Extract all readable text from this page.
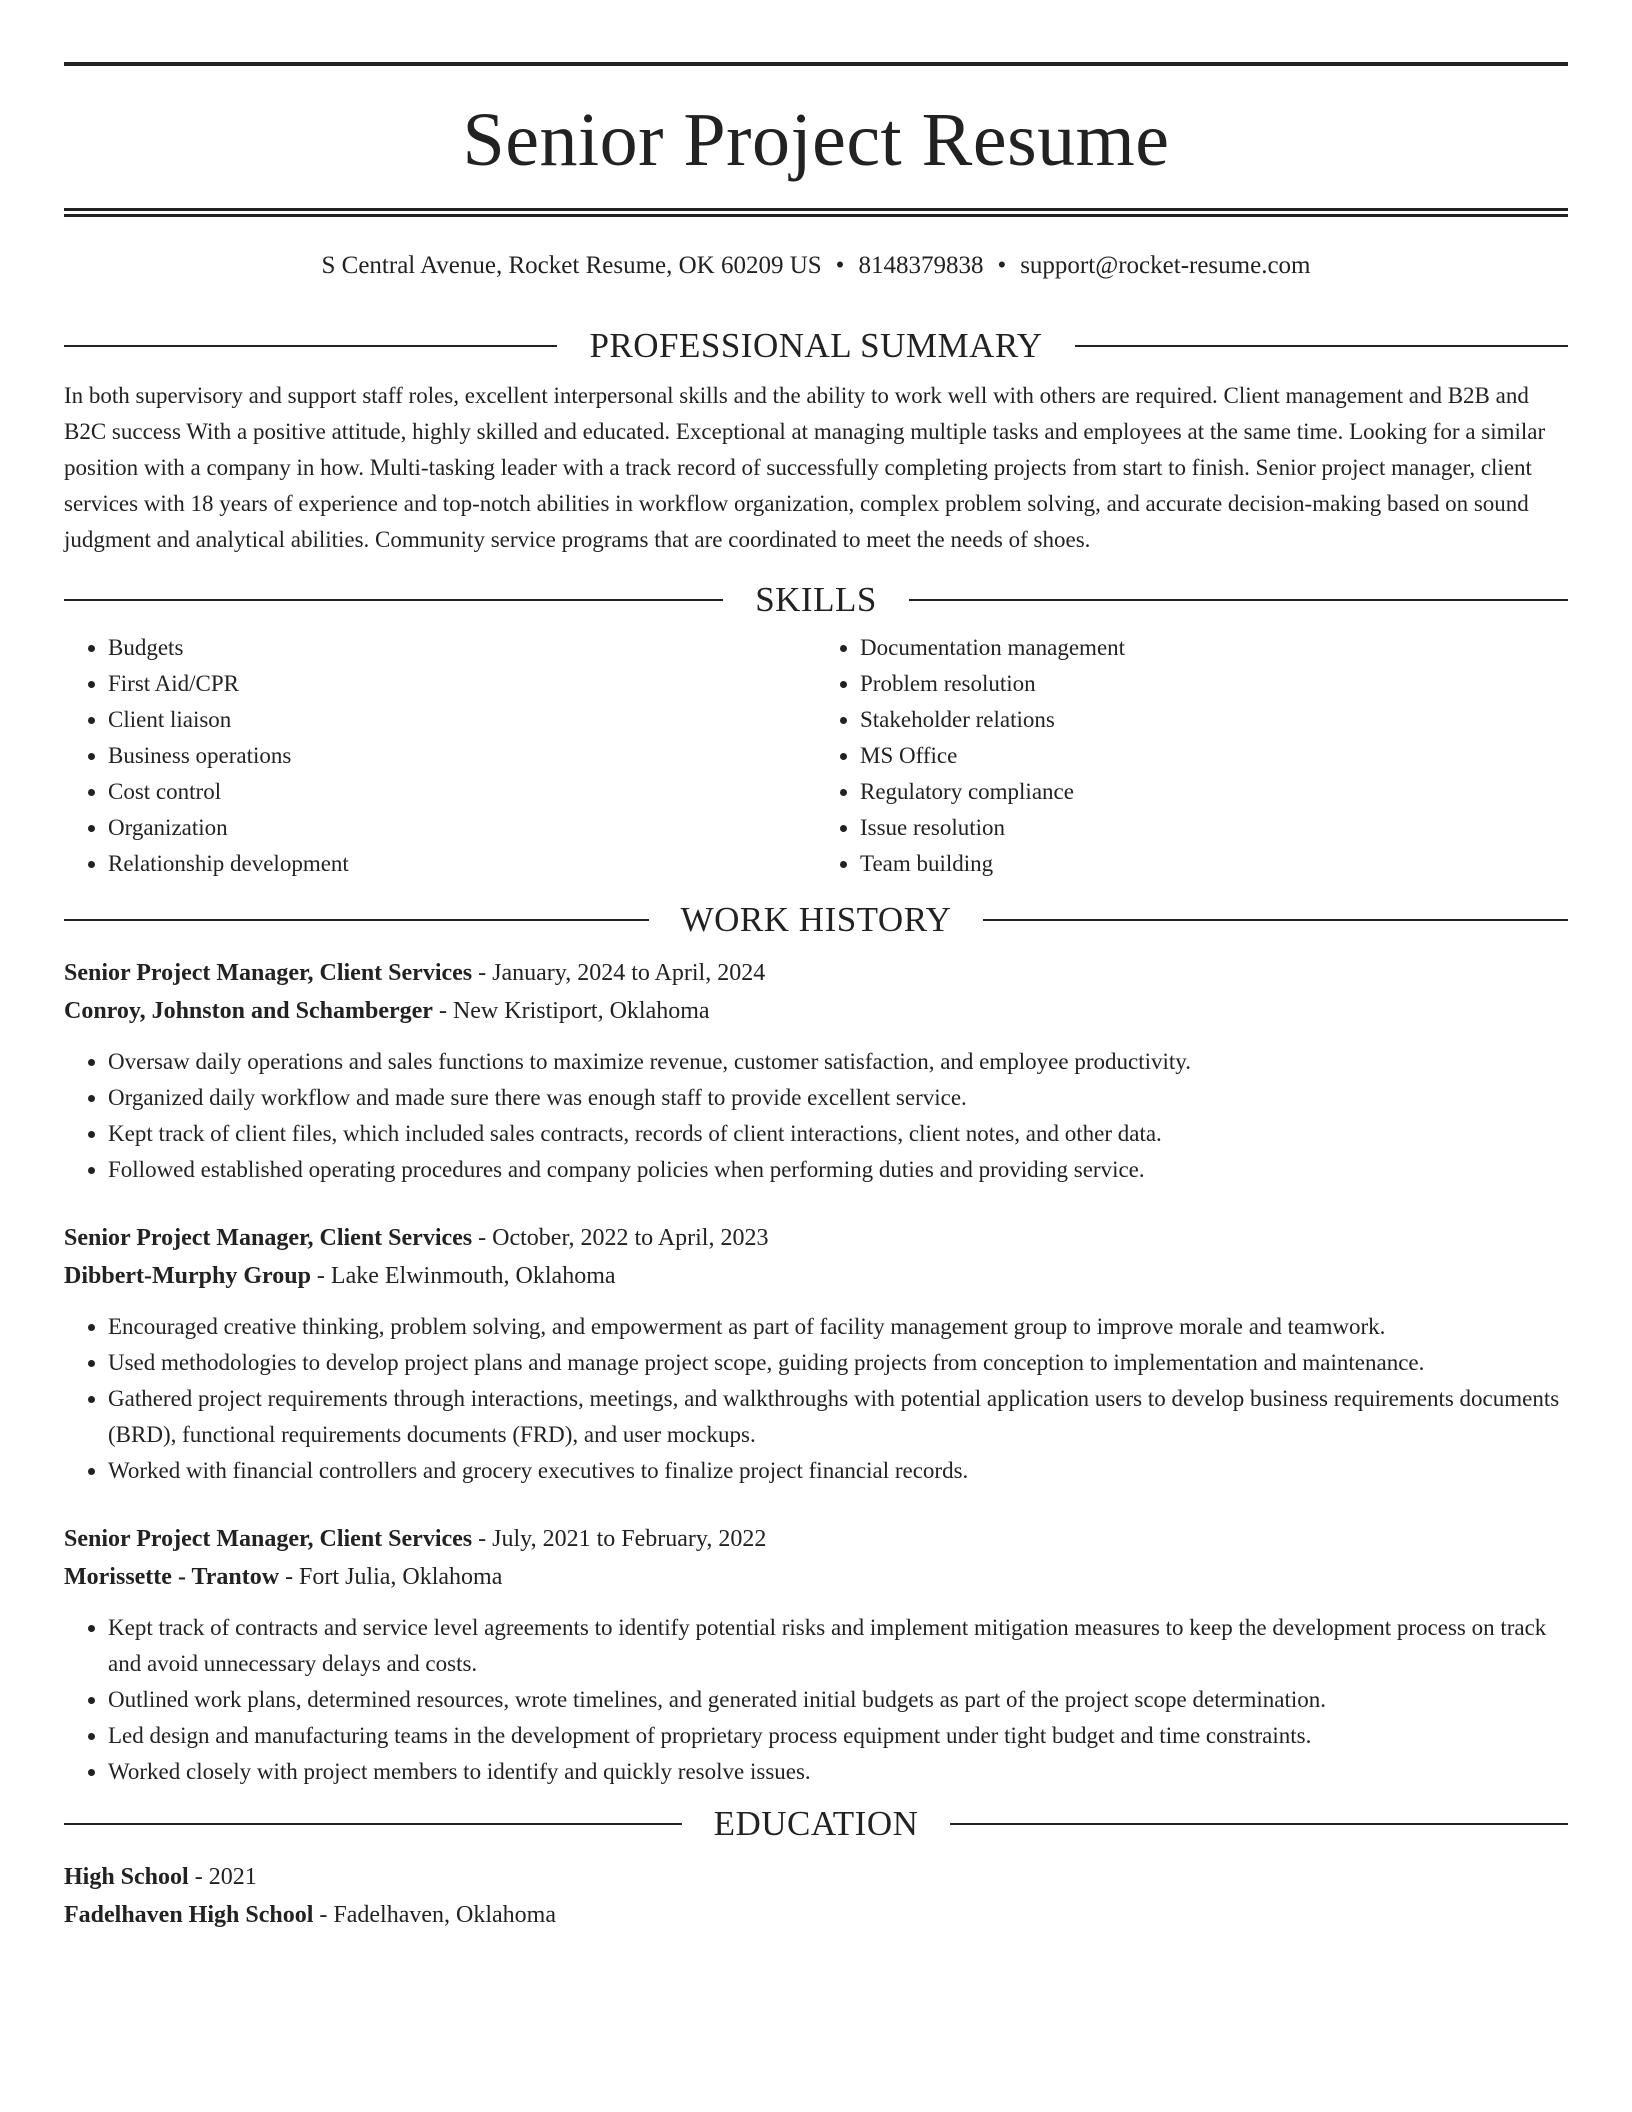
Senior Project Resume
S Central Avenue, Rocket Resume, OK 60209 US • 8148379838 • support@rocket-resume.com
PROFESSIONAL SUMMARY

In both supervisory and support staff roles, excellent interpersonal skills and the ability to work well with others are required. Client management and B2B and B2C success With a positive attitude, highly skilled and educated. Exceptional at managing multiple tasks and employees at the same time. Looking for a similar position with a company in how. Multi-tasking leader with a track record of successfully completing projects from start to finish. Senior project manager, client services with 18 years of experience and top-notch abilities in workflow organization, complex problem solving, and accurate decision-making based on sound judgment and analytical abilities. Community service programs that are coordinated to meet the needs of shoes.

SKILLS
• Budgets
• First Aid/CPR
• Client liaison
• Business operations
• Cost control
• Organization
• Relationship development
• Documentation management
• Problem resolution
• Stakeholder relations
• MS Office
• Regulatory compliance
• Issue resolution
• Team building
WORK HISTORY
Senior Project Manager, Client Services - January, 2024 to April, 2024
Conroy, Johnston and Schamberger - New Kristiport, Oklahoma
• Oversaw daily operations and sales functions to maximize revenue, customer satisfaction, and employee productivity.
• Organized daily workflow and made sure there was enough staff to provide excellent service.
• Kept track of client files, which included sales contracts, records of client interactions, client notes, and other data.
• Followed established operating procedures and company policies when performing duties and providing service.
Senior Project Manager, Client Services - October, 2022 to April, 2023
Dibbert-Murphy Group - Lake Elwinmouth, Oklahoma
• Encouraged creative thinking, problem solving, and empowerment as part of facility management group to improve morale and teamwork.
• Used methodologies to develop project plans and manage project scope, guiding projects from conception to implementation and maintenance.
• Gathered project requirements through interactions, meetings, and walkthroughs with potential application users to develop business requirements documents (BRD), functional requirements documents (FRD), and user mockups.
• Worked with financial controllers and grocery executives to finalize project financial records.
Senior Project Manager, Client Services - July, 2021 to February, 2022
Morissette - Trantow - Fort Julia, Oklahoma
• Kept track of contracts and service level agreements to identify potential risks and implement mitigation measures to keep the development process on track and avoid unnecessary delays and costs.
• Outlined work plans, determined resources, wrote timelines, and generated initial budgets as part of the project scope determination.
• Led design and manufacturing teams in the development of proprietary process equipment under tight budget and time constraints.
• Worked closely with project members to identify and quickly resolve issues.
EDUCATION
High School - 2021
Fadelhaven High School - Fadelhaven, Oklahoma
